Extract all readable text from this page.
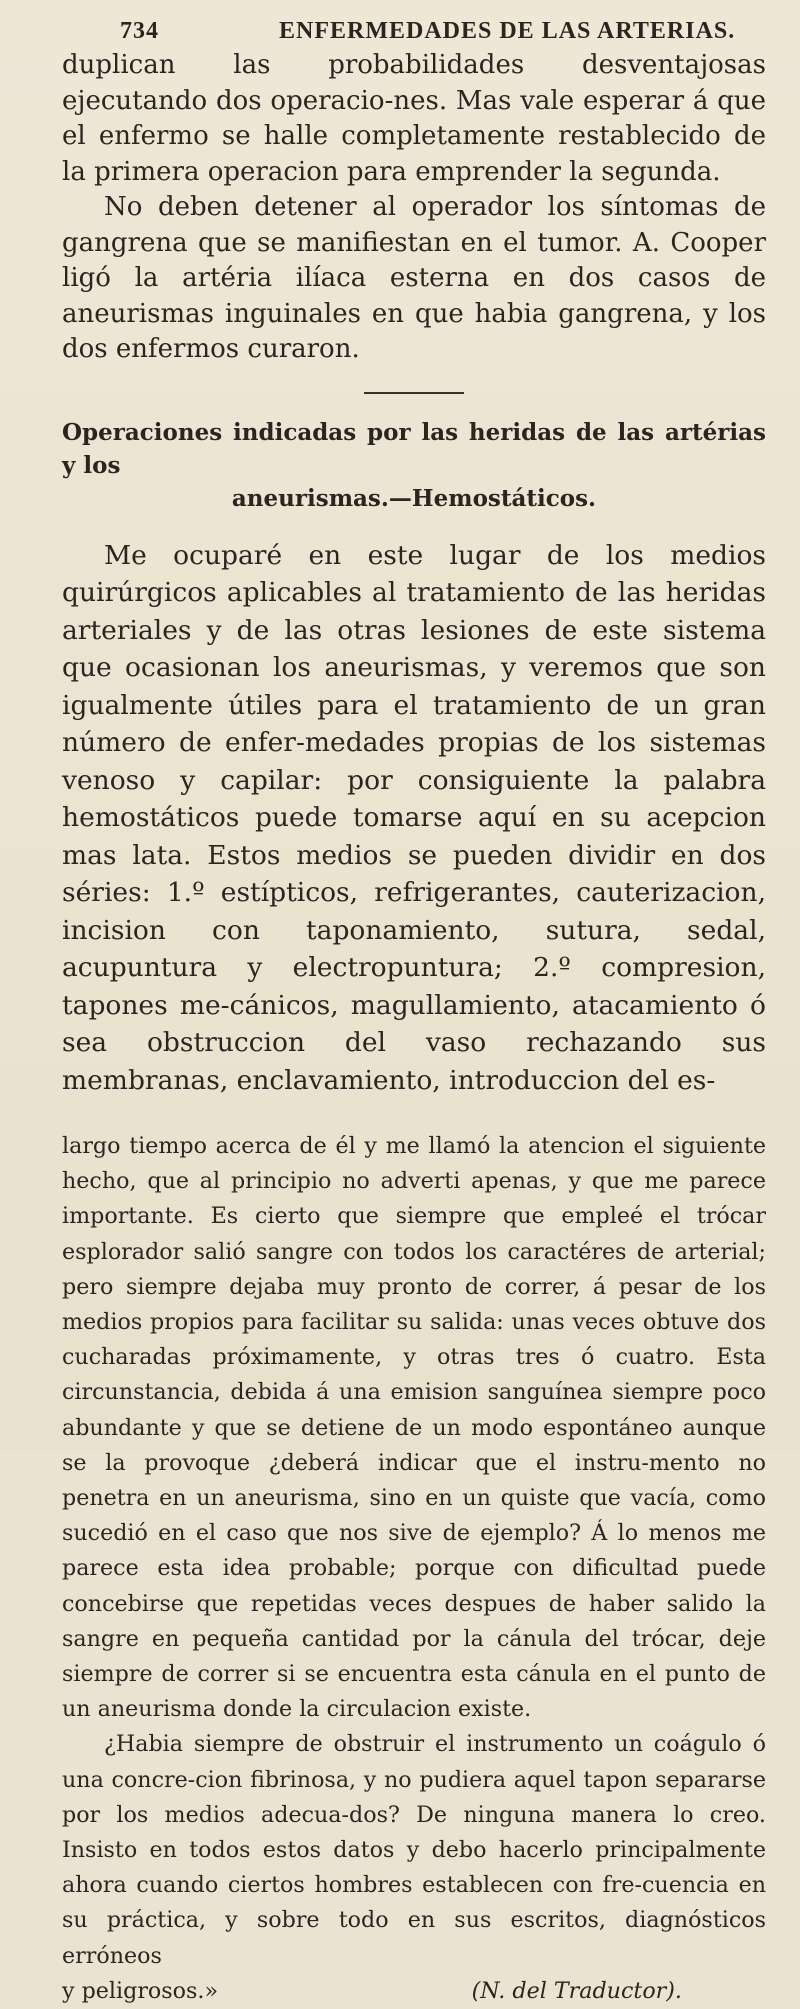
734	ENFERMEDADES DE LAS ARTERIAS.

duplican las probabilidades desventajosas ejecutando dos operacio-nes. Mas vale esperar á que el enfermo se halle completamente restablecido de la primera operacion para emprender la segunda.

No deben detener al operador los síntomas de gangrena que se manifiestan en el tumor. A. Cooper ligó la artéria ilíaca esterna en dos casos de aneurismas inguinales en que habia gangrena, y los dos enfermos curaron.

Operaciones indicadas por las heridas de las artérias y los
aneurismas.—Hemostáticos.

Me ocuparé en este lugar de los medios quirúrgicos aplicables al tratamiento de las heridas arteriales y de las otras lesiones de este sistema que ocasionan los aneurismas, y veremos que son igualmente útiles para el tratamiento de un gran número de enfer-medades propias de los sistemas venoso y capilar: por consiguiente la palabra hemostáticos puede tomarse aquí en su acepcion mas lata. Estos medios se pueden dividir en dos séries: 1.º estípticos, refrigerantes, cauterizacion, incision con taponamiento, sutura, sedal, acupuntura y electropuntura; 2.º compresion, tapones me-cánicos, magullamiento, atacamiento ó sea obstruccion del vaso rechazando sus membranas, enclavamiento, introduccion del es-

largo tiempo acerca de él y me llamó la atencion el siguiente hecho, que al principio no adverti apenas, y que me parece importante. Es cierto que siempre que empleé el trócar esplorador salió sangre con todos los caractéres de arterial; pero siempre dejaba muy pronto de correr, á pesar de los medios propios para facilitar su salida: unas veces obtuve dos cucharadas próximamente, y otras tres ó cuatro. Esta circunstancia, debida á una emision sanguínea siempre poco abundante y que se detiene de un modo espontáneo aunque se la provoque ¿deberá indicar que el instru-mento no penetra en un aneurisma, sino en un quiste que vacía, como sucedió en el caso que nos sive de ejemplo? Á lo menos me parece esta idea probable; porque con dificultad puede concebirse que repetidas veces despues de haber salido la sangre en pequeña cantidad por la cánula del trócar, deje siempre de correr si se encuentra esta cánula en el punto de un aneurisma donde la circulacion existe.

¿Habia siempre de obstruir el instrumento un coágulo ó una concre-cion fibrinosa, y no pudiera aquel tapon separarse por los medios adecua-dos? De ninguna manera lo creo. Insisto en todos estos datos y debo hacerlo principalmente ahora cuando ciertos hombres establecen con fre-cuencia en su práctica, y sobre todo en sus escritos, diagnósticos erróneos

y peligrosos.»	(N. del Traductor).
